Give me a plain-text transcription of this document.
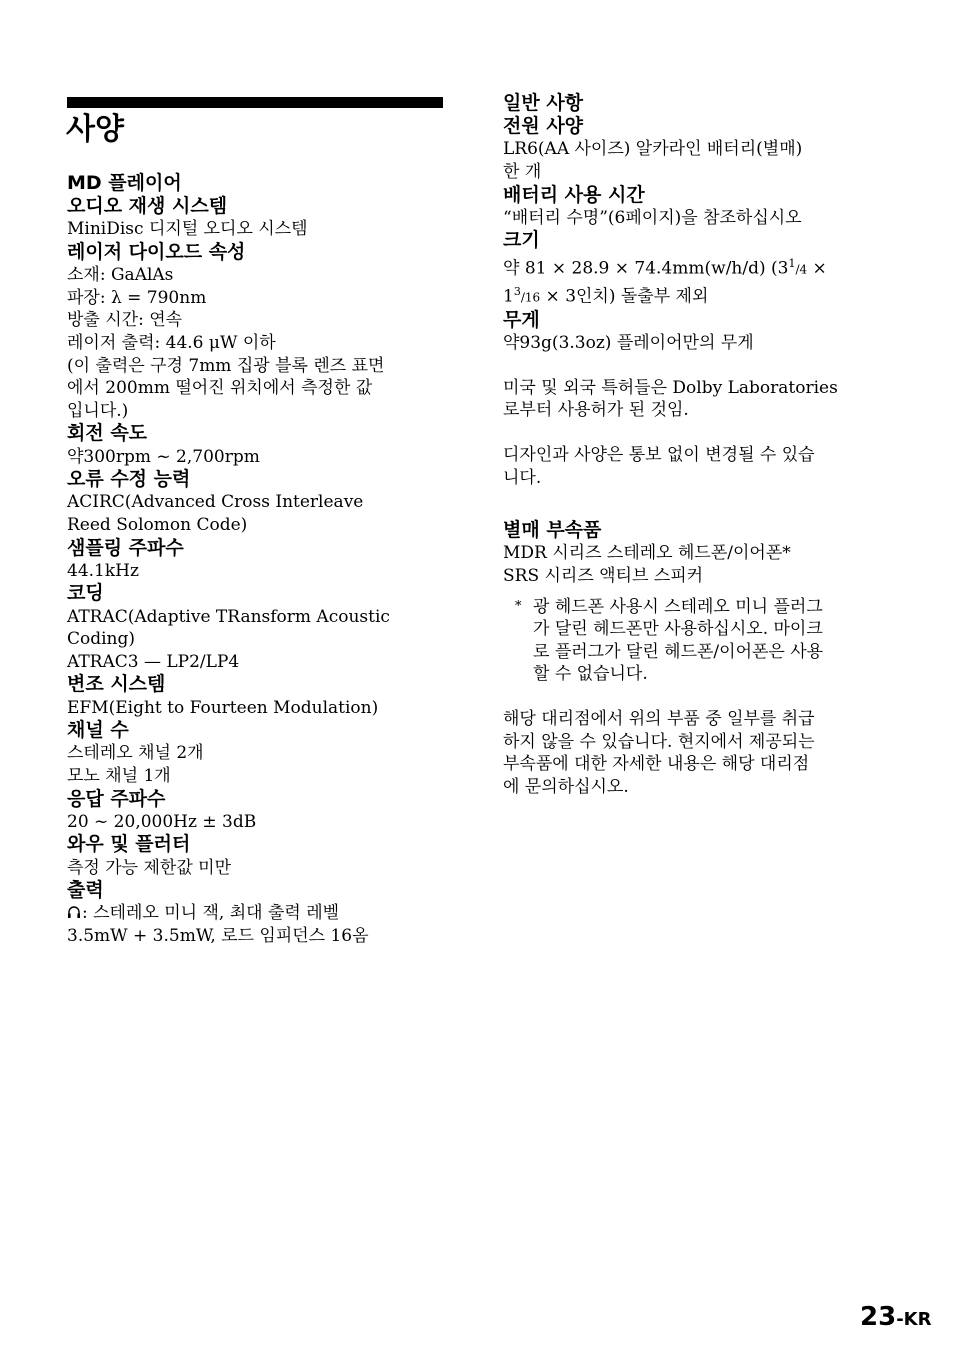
사양

MD 플레이어

오디오 재생 시스템

MiniDisc 디지털 오디오 시스템

레이저 다이오드 속성

소재: GaAlAs

파장: λ = 790nm

방출 시간: 연속

레이저 출력: 44.6 μW 이하

(이 출력은 구경 7mm 집광 블록 렌즈 표면

에서 200mm 떨어진 위치에서 측정한 값

입니다.)

회전 속도

약300rpm ~ 2,700rpm

오류 수정 능력

ACIRC(Advanced Cross Interleave

Reed Solomon Code)

샘플링 주파수

44.1kHz

코딩

ATRAC(Adaptive TRansform Acoustic

Coding)

ATRAC3 — LP2/LP4

변조 시스템

EFM(Eight to Fourteen Modulation)

채널 수

스테레오 채널 2개

모노 채널 1개

응답 주파수

20 ~ 20,000Hz ± 3dB

와우 및 플러터

측정 가능 제한값 미만

출력

: 스테레오 미니 잭, 최대 출력 레벨

3.5mW + 3.5mW, 로드 임피던스 16옴

일반 사항

전원 사양

LR6(AA 사이즈) 알카라인 배터리(별매)

한 개

배터리 사용 시간

“배터리 수명”(6페이지)을 참조하십시오

크기

약 81 × 28.9 × 74.4mm(w/h/d) ($3^1/4$ ×

$1^3/16 \times 3$인치) 돌출부 제외

무게

약93g(3.3oz) 플레이어만의 무게

미국 및 외국 특허들은 Dolby Laboratories

로부터 사용허가 된 것임.

디자인과 사양은 통보 없이 변경될 수 있습

니다.

별매 부속품

MDR 시리즈 스테레오 헤드폰/이어폰*

SRS 시리즈 액티브 스피커

* 광 헤드폰 사용시 스테레오 미니 플러그

가 달린 헤드폰만 사용하십시오. 마이크

로 플러그가 달린 헤드폰/이어폰은 사용

할 수 없습니다.

해당 대리점에서 위의 부품 중 일부를 취급

하지 않을 수 있습니다. 현지에서 제공되는

부속품에 대한 자세한 내용은 해당 대리점

에 문의하십시오.

23-KR
